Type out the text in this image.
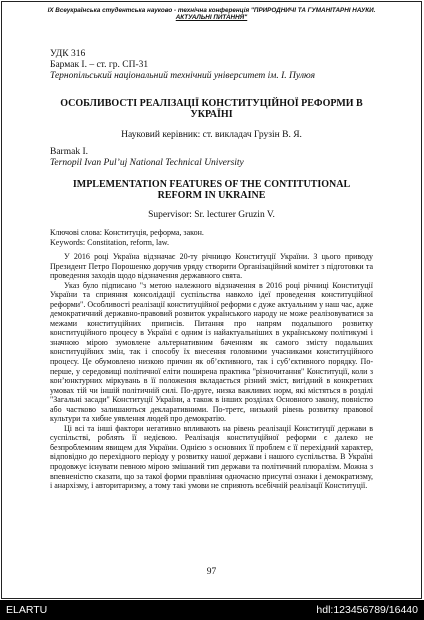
IX Всеукраїнська студентська науково - технічна конференція "ПРИРОДНИЧІ ТА ГУМАНІТАРНІ НАУКИ.
АКТУАЛЬНІ ПИТАННЯ"
УДК 316
Бармак І. – ст. гр. СП-31
Тернопільський національний технічний університет ім. І. Пулюя
ОСОБЛИВОСТІ РЕАЛІЗАЦІЇ КОНСТИТУЦІЙНОЇ РЕФОРМИ В УКРАЇНІ
Науковий керівник: ст. викладач Грузін В. Я.
Barmak I.
Ternopil Ivan Pul’uj National Technical University
IMPLEMENTATION FEATURES OF THE CONTITUTIONAL REFORM IN UKRAINE
Supervisor: Sr. lecturer Gruzin V.
Ключові слова: Конституція, реформа, закон.
Keywords: Constitation, reform, law.

У 2016 році Україна відзначає 20-ту річницю Конституції України. З цього приводу Президент Петро Порошенко доручив уряду створити Організаційний комітет з підготовки та проведення заходів щодо відзначення державного свята.

Указ було підписано "з метою належного відзначення в 2016 році річниці Конституції України та сприяння консолідації суспільства навколо ідеї проведення конституційної реформи". Особливості реалізації конституційної реформи є дуже актуальним у наш час, адже демократичний державно-правовий розвиток українського народу не може реалізовуватися за межами конституційних приписів. Питання про напрям подальшого розвитку конституційного процесу в Україні є одним із найактуальніших в українському політикумі і значною мірою зумовлене альтернативним баченням як самого змісту подальших конституційних змін, так і способу їх внесення головними учасниками конституційного процесу. Це обумовлено низкою причин як об’єктивного, так і суб’єктивного порядку. По-перше, у середовищі політичної еліти поширена практика "різночитання" Конституції, коли з кон’юнктурних міркувань в її положення вкладається різний зміст, вигідний в конкретних умовах тій чи іншій політичній силі. По-друге, низка важливих норм, які містяться в розділі "Загальні засади" Конституції України, а також в інших розділах Основного закону, повністю або частково залишаються декларативними. По-третє, низький рівень розвитку правової культури та хибне уявлення людей про демократію.

Ці всі та інші фактори негативно впливають на рівень реалізації Конституції держави в суспільстві, роблять її недієвою. Реалізація конституційної реформи є далеко не безпроблемним явищем для України. Однією з основних її проблем є її перехідний характер, відповідно до перехідного періоду у розвитку нашої держави і нашого суспільства. В Україні продовжує існувати певною мірою змішаний тип держави та політичний плюралізм. Можна з впевненістю сказати, що за такої форми правління одночасно присутні ознаки і демократизму, і анархізму, і авторитаризму, а тому такі умови не сприяють всебічній реалізації Конституції.

97
ELARTU	hdl:123456789/16440
